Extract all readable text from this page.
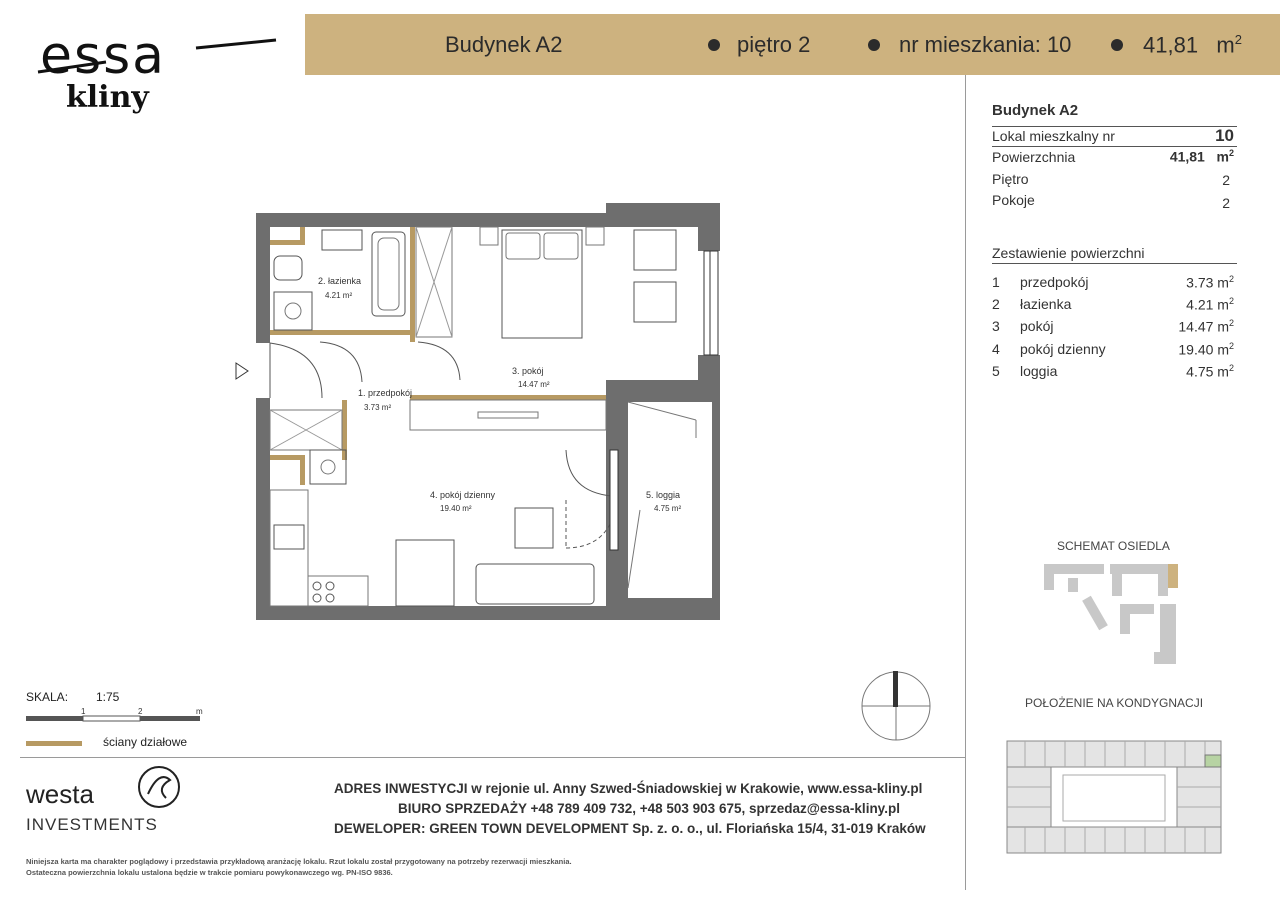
essa
kliny
Budynek A2	piętro 2	nr mieszkania: 10	41,81 $m^2$
Budynek A2
Lokal mieszkalny nr	10
Powierzchnia	41,81 $m^2$
Piętro	2
Pokoje	2
Zestawienie powierzchni
1 przedpokój	3.73 $m^2$
2 łazienka	4.21 $m^2$
3 pokój	14.47 $m^2$
4 pokój dzienny	19.40 $m^2$
5 loggia	4.75 $m^2$
2. łazienka
4.21 m²
1. przedpokój
3.73 m²
3. pokój
14.47 m²
4. pokój dzienny
19.40 m²
5. loggia
4.75 m²
SKALA: 1:75
1	2	m
ściany działowe
SCHEMAT OSIEDLA
POŁOŻENIE NA KONDYGNACJI
westa
INVESTMENTS
ADRES INWESTYCJI w rejonie ul. Anny Szwed-Śniadowskiej w Krakowie, www.essa-kliny.pl
BIURO SPRZEDAŻY +48 789 409 732, +48 503 903 675, sprzedaz@essa-kliny.pl
DEWELOPER: GREEN TOWN DEVELOPMENT Sp. z. o. o., ul. Floriańska 15/4, 31-019 Kraków
Niniejsza karta ma charakter poglądowy i przedstawia przykładową aranżację lokalu. Rzut lokalu został przygotowany na potrzeby rezerwacji mieszkania.
Ostateczna powierzchnia lokalu ustalona będzie w trakcie pomiaru powykonawczego wg. PN-ISO 9836.
